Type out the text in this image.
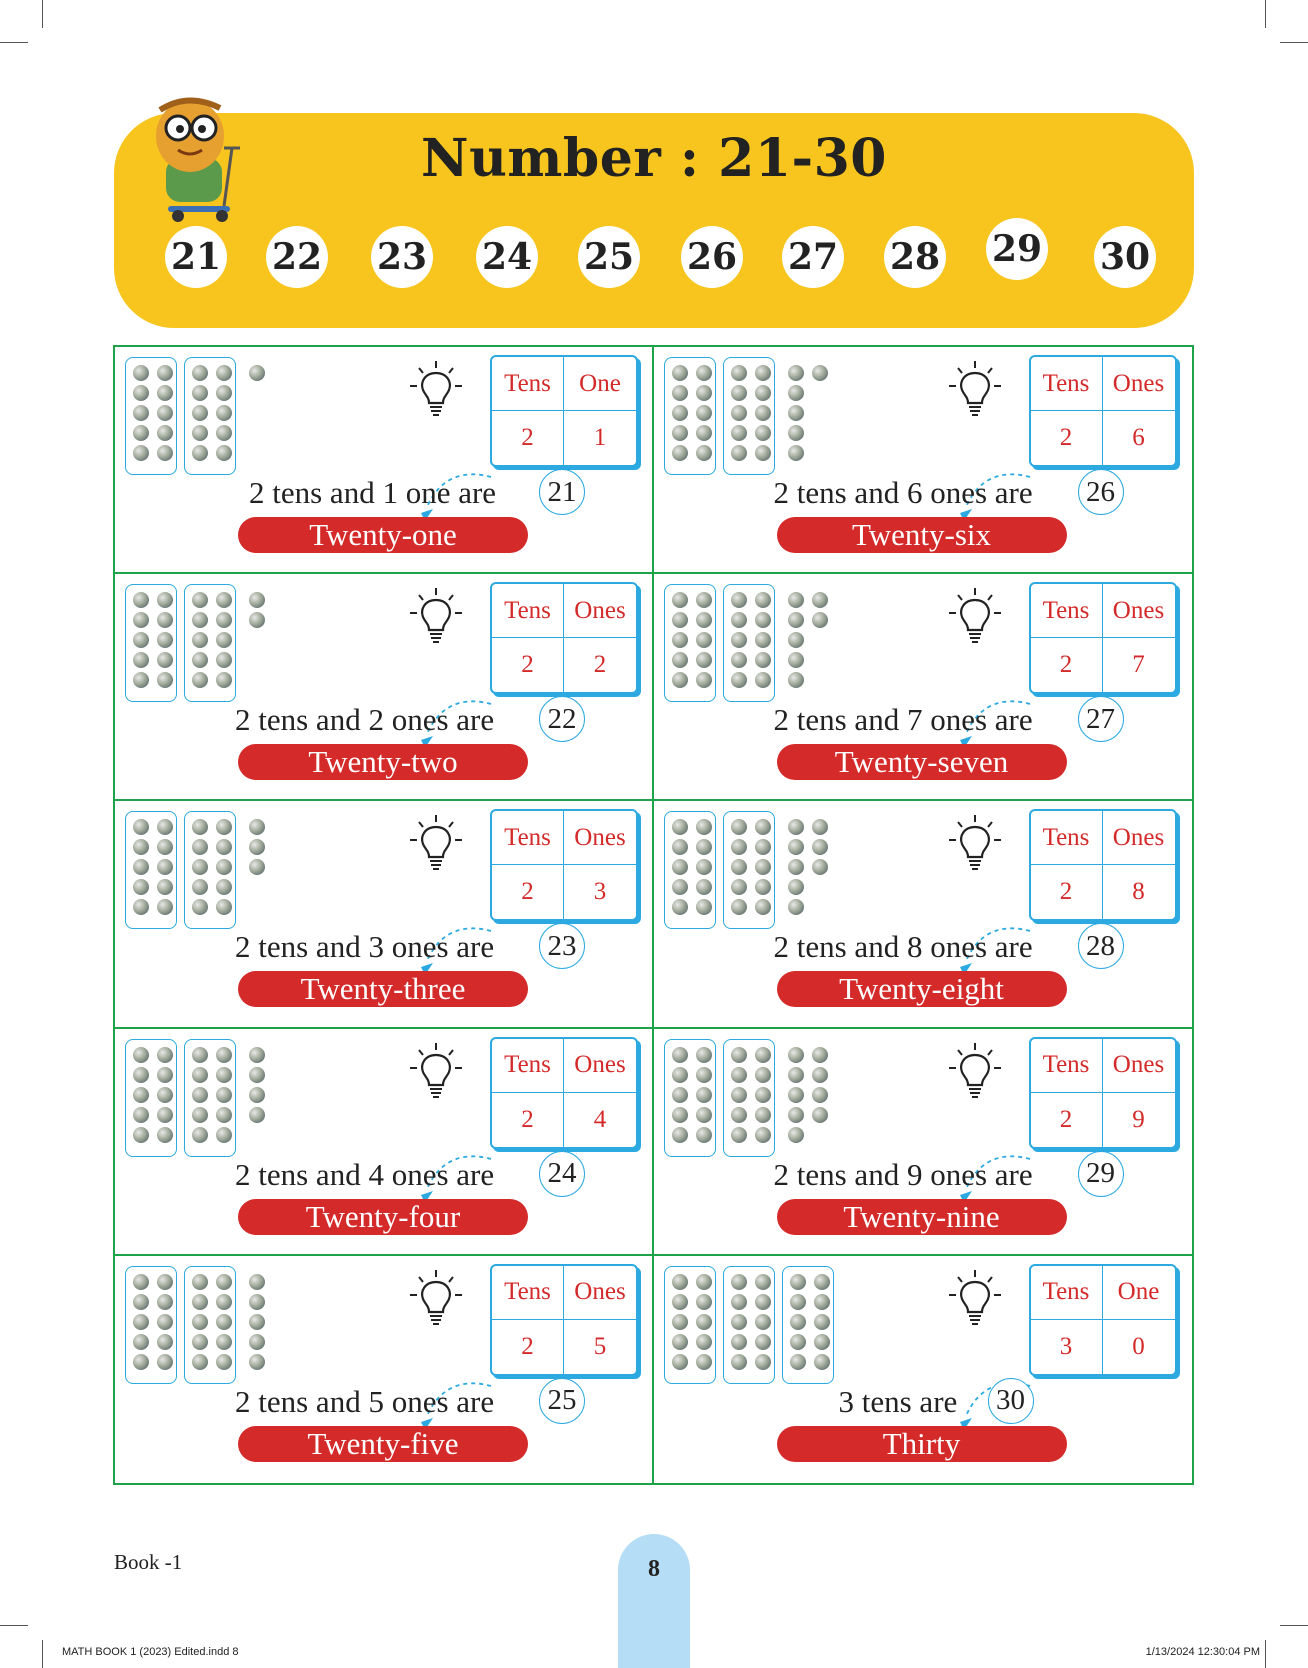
Number : 21-30
21 22 23 24 25 26 27 28 29 30
Tens	One
2	1
2 tens and 1 one are 21
Twenty-one
Tens Ones
2	6
2 tens and 6 ones are 26
Twenty-six
Tens Ones
2	2
2 tens and 2 ones are 22
Twenty-two
Tens Ones
2	7
2 tens and 7 ones are 27
Twenty-seven
Tens Ones
2	3
2 tens and 3 ones are 23
Twenty-three
Tens Ones
2	8
2 tens and 8 ones are 28
Twenty-eight
Tens Ones
2	4
2 tens and 4 ones are 24
Twenty-four
Tens Ones
2	9
2 tens and 9 ones are 29
Twenty-nine
Tens Ones
2	5
2 tens and 5 ones are 25
Twenty-five
Tens	One
3	0
3 tens are 30
Thirty
Book -1	8
MATH BOOK 1 (2023) Edited.indd 8	1/13/2024 12:30:04 PM
